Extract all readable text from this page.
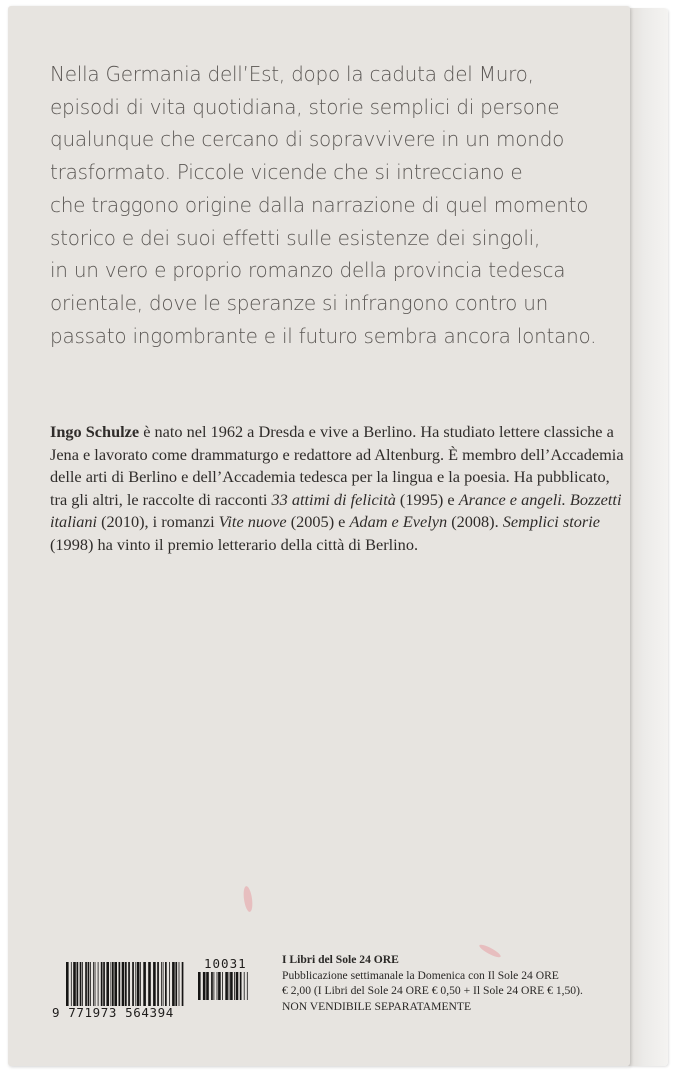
Nella Germania dell’Est, dopo la caduta del Muro,
episodi di vita quotidiana, storie semplici di persone
qualunque che cercano di sopravvivere in un mondo
trasformato. Piccole vicende che si intrecciano e
che traggono origine dalla narrazione di quel momento
storico e dei suoi effetti sulle esistenze dei singoli,
in un vero e proprio romanzo della provincia tedesca
orientale, dove le speranze si infrangono contro un
passato ingombrante e il futuro sembra ancora lontano.

Ingo Schulze è nato nel 1962 a Dresda e vive a Berlino. Ha studiato lettere classiche a Jena e lavorato come drammaturgo e redattore ad Altenburg. È membro dell’Accademia delle arti di Berlino e dell’Accademia tedesca per la lingua e la poesia. Ha pubblicato, tra gli altri, le raccolte di racconti 33 attimi di felicità (1995) e Arance e angeli. Bozzetti italiani (2010), i romanzi Vite nuove (2005) e Adam e Evelyn (2008). Semplici storie (1998) ha vinto il premio letterario della città di Berlino.

9 771973 564394
10031	I Libri del Sole 24 ORE
Pubblicazione settimanale la Domenica con Il Sole 24 ORE
€ 2,00 (I Libri del Sole 24 ORE € 0,50 + Il Sole 24 ORE € 1,50).
NON VENDIBILE SEPARATAMENTE
